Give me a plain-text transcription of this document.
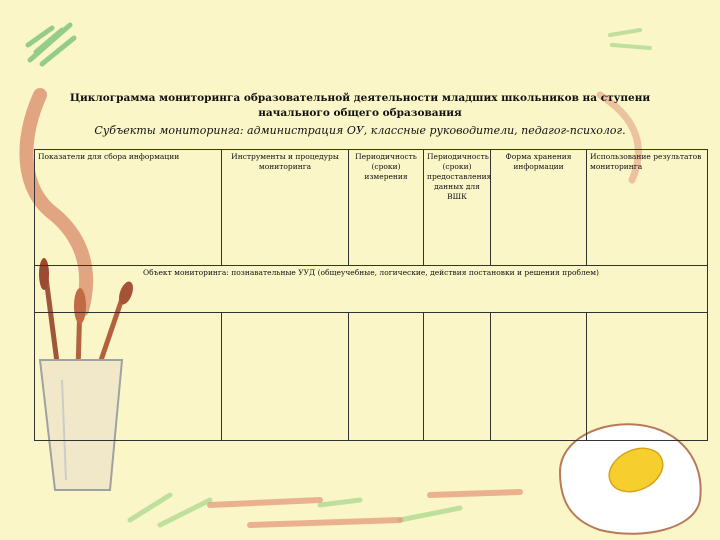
Циклограмма мониторинга образовательной деятельности младших школьников на ступени начального общего образования
Субъекты мониторинга: администрация ОУ, классные руководители, педагог-психолог.
Показатели для сбора информации	Инструменты и процедуры мониторинга	Периодичность (сроки) измерения	Периодичность (сроки) предоставления данных для ВШК	Форма хранения информации	Использование результатов мониторинга
Объект мониторинга: познавательные УУД (общеучебные, логические, действия постановки и решения проблем)					
